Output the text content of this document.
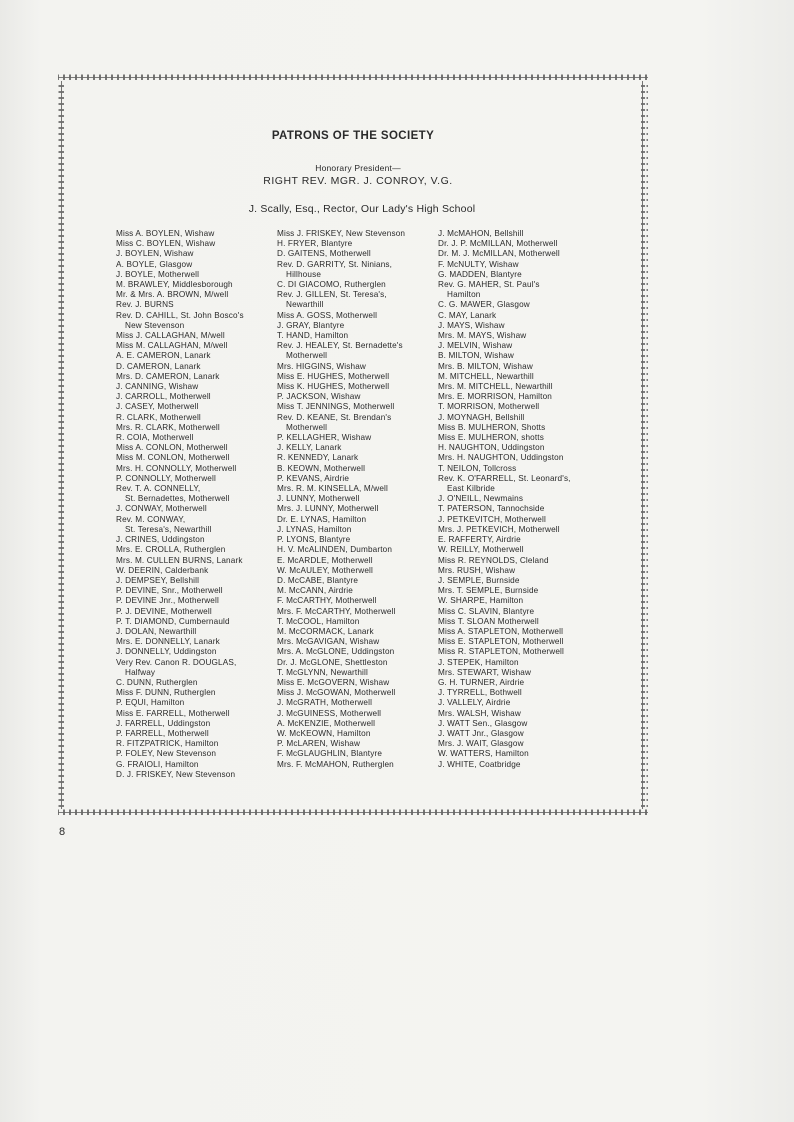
PATRONS OF THE SOCIETY
Honorary President—
RIGHT REV. MGR. J. CONROY, V.G.
J. Scally, Esq., Rector, Our Lady's High School
Miss A. BOYLEN, Wishaw
Miss C. BOYLEN, Wishaw
J. BOYLEN, Wishaw
A. BOYLE, Glasgow
J. BOYLE, Motherwell
M. BRAWLEY, Middlesborough
Mr. & Mrs. A. BROWN, M/well
Rev. J. BURNS
Rev. D. CAHILL, St. John Bosco's
New Stevenson
Miss J. CALLAGHAN, M/well
Miss M. CALLAGHAN, M/well
A. E. CAMERON, Lanark
D. CAMERON, Lanark
Mrs. D. CAMERON, Lanark
J. CANNING, Wishaw
J. CARROLL, Motherwell
J. CASEY, Motherwell
R. CLARK, Motherwell
Mrs. R. CLARK, Motherwell
R. COIA, Motherwell
Miss A. CONLON, Motherwell
Miss M. CONLON, Motherwell
Mrs. H. CONNOLLY, Motherwell
P. CONNOLLY, Motherwell
Rev. T. A. CONNELLY,
St. Bernadettes, Motherwell
J. CONWAY, Motherwell
Rev. M. CONWAY,
St. Teresa's, Newarthill
J. CRINES, Uddingston
Mrs. E. CROLLA, Rutherglen
Mrs. M. CULLEN BURNS, Lanark
W. DEERIN, Calderbank
J. DEMPSEY, Bellshill
P. DEVINE, Snr., Motherwell
P. DEVINE Jnr., Motherwell
P. J. DEVINE, Motherwell
P. T. DIAMOND, Cumbernauld
J. DOLAN, Newarthill
Mrs. E. DONNELLY, Lanark
J. DONNELLY, Uddingston
Very Rev. Canon R. DOUGLAS,
Halfway
C. DUNN, Rutherglen
Miss F. DUNN, Rutherglen
P. EQUI, Hamilton
Miss E. FARRELL, Motherwell
J. FARRELL, Uddingston
P. FARRELL, Motherwell
R. FITZPATRICK, Hamilton
P. FOLEY, New Stevenson
G. FRAIOLI, Hamilton
D. J. FRISKEY, New Stevenson
Miss J. FRISKEY, New Stevenson
H. FRYER, Blantyre
D. GAITENS, Motherwell
Rev. D. GARRITY, St. Ninians,
Hillhouse
C. DI GIACOMO, Rutherglen
Rev. J. GILLEN, St. Teresa's,
Newarthill
Miss A. GOSS, Motherwell
J. GRAY, Blantyre
T. HAND, Hamilton
Rev. J. HEALEY, St. Bernadette's
Motherwell
Mrs. HIGGINS, Wishaw
Miss E. HUGHES, Motherwell
Miss K. HUGHES, Motherwell
P. JACKSON, Wishaw
Miss T. JENNINGS, Motherwell
Rev. D. KEANE, St. Brendan's
Motherwell
P. KELLAGHER, Wishaw
J. KELLY, Lanark
R. KENNEDY, Lanark
B. KEOWN, Motherwell
P. KEVANS, Airdrie
Mrs. R. M. KINSELLA, M/well
J. LUNNY, Motherwell
Mrs. J. LUNNY, Motherwell
Dr. E. LYNAS, Hamilton
J. LYNAS, Hamilton
P. LYONS, Blantyre
H. V. McALINDEN, Dumbarton
E. McARDLE, Motherwell
W. McAULEY, Motherwell
D. McCABE, Blantyre
M. McCANN, Airdrie
F. McCARTHY, Motherwell
Mrs. F. McCARTHY, Motherwell
T. McCOOL, Hamilton
M. McCORMACK, Lanark
Mrs. McGAVIGAN, Wishaw
Mrs. A. McGLONE, Uddingston
Dr. J. McGLONE, Shettleston
T. McGLYNN, Newarthill
Miss E. McGOVERN, Wishaw
Miss J. McGOWAN, Motherwell
J. McGRATH, Motherwell
J. McGUINESS, Motherwell
A. McKENZIE, Motherwell
W. McKEOWN, Hamilton
P. McLAREN, Wishaw
F. McGLAUGHLIN, Blantyre
Mrs. F. McMAHON, Rutherglen
J. McMAHON, Bellshill
Dr. J. P. McMILLAN, Motherwell
Dr. M. J. McMILLAN, Motherwell
F. McNULTY, Wishaw
G. MADDEN, Blantyre
Rev. G. MAHER, St. Paul's
Hamilton
C. G. MAWER, Glasgow
C. MAY, Lanark
J. MAYS, Wishaw
Mrs. M. MAYS, Wishaw
J. MELVIN, Wishaw
B. MILTON, Wishaw
Mrs. B. MILTON, Wishaw
M. MITCHELL, Newarthill
Mrs. M. MITCHELL, Newarthill
Mrs. E. MORRISON, Hamilton
T. MORRISON, Motherwell
J. MOYNAGH, Bellshill
Miss B. MULHERON, Shotts
Miss E. MULHERON, shotts
H. NAUGHTON, Uddingston
Mrs. H. NAUGHTON, Uddingston
T. NEILON, Tollcross
Rev. K. O'FARRELL, St. Leonard's,
East Kilbride
J. O'NEILL, Newmains
T. PATERSON, Tannochside
J. PETKEVITCH, Motherwell
Mrs. J. PETKEVICH, Motherwell
E. RAFFERTY, Airdrie
W. REILLY, Motherwell
Miss R. REYNOLDS, Cleland
Mrs. RUSH, Wishaw
J. SEMPLE, Burnside
Mrs. T. SEMPLE, Burnside
W. SHARPE, Hamilton
Miss C. SLAVIN, Blantyre
Miss T. SLOAN Motherwell
Miss A. STAPLETON, Motherwell
Miss E. STAPLETON, Motherwell
Miss R. STAPLETON, Motherwell
J. STEPEK, Hamilton
Mrs. STEWART, Wishaw
G. H. TURNER, Airdrie
J. TYRRELL, Bothwell
J. VALLELY, Airdrie
Mrs. WALSH, Wishaw
J. WATT Sen., Glasgow
J. WATT Jnr., Glasgow
Mrs. J. WAIT, Glasgow
W. WATTERS, Hamilton
J. WHITE, Coatbridge
8
